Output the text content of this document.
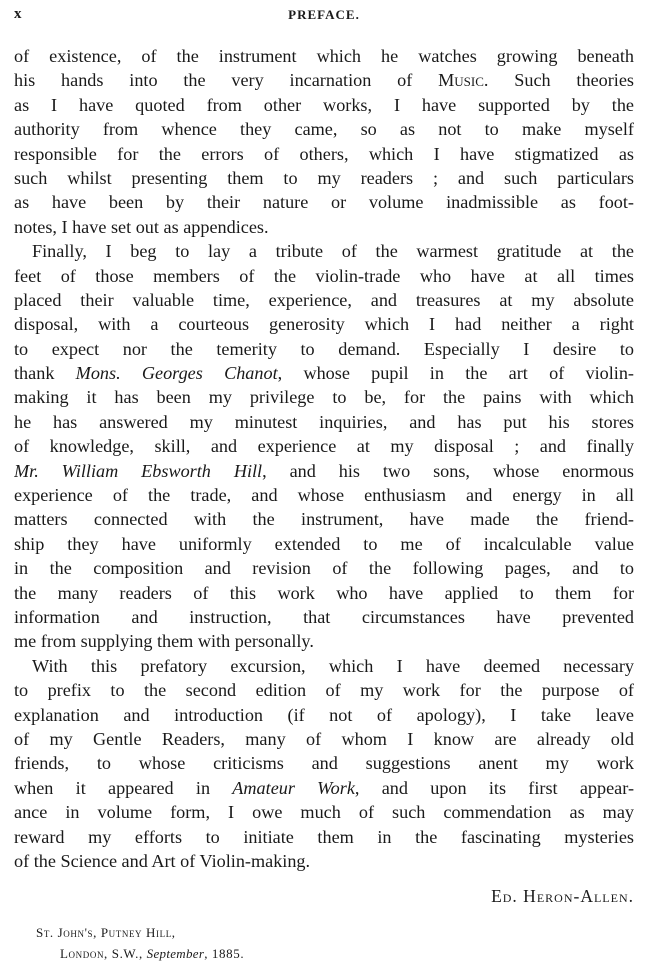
x	PREFACE.
of existence, of the instrument which he watches growing beneath
his hands into the very incarnation of Music. Such theories
as I have quoted from other works, I have supported by the
authority from whence they came, so as not to make myself
responsible for the errors of others, which I have stigmatized as
such whilst presenting them to my readers ; and such particulars
as have been by their nature or volume inadmissible as foot-
notes, I have set out as appendices.
Finally, I beg to lay a tribute of the warmest gratitude at the
feet of those members of the violin-trade who have at all times
placed their valuable time, experience, and treasures at my absolute
disposal, with a courteous generosity which I had neither a right
to expect nor the temerity to demand. Especially I desire to
thank Mons. Georges Chanot, whose pupil in the art of violin-
making it has been my privilege to be, for the pains with which
he has answered my minutest inquiries, and has put his stores
of knowledge, skill, and experience at my disposal ; and finally
Mr. William Ebsworth Hill, and his two sons, whose enormous
experience of the trade, and whose enthusiasm and energy in all
matters connected with the instrument, have made the friend-
ship they have uniformly extended to me of incalculable value
in the composition and revision of the following pages, and to
the many readers of this work who have applied to them for
information and instruction, that circumstances have prevented
me from supplying them with personally.
With this prefatory excursion, which I have deemed necessary
to prefix to the second edition of my work for the purpose of
explanation and introduction (if not of apology), I take leave
of my Gentle Readers, many of whom I know are already old
friends, to whose criticisms and suggestions anent my work
when it appeared in Amateur Work, and upon its first appear-
ance in volume form, I owe much of such commendation as may
reward my efforts to initiate them in the fascinating mysteries
of the Science and Art of Violin-making.
Ed. Heron-Allen.
St. John's, Putney Hill,
London, S.W., September, 1885.
